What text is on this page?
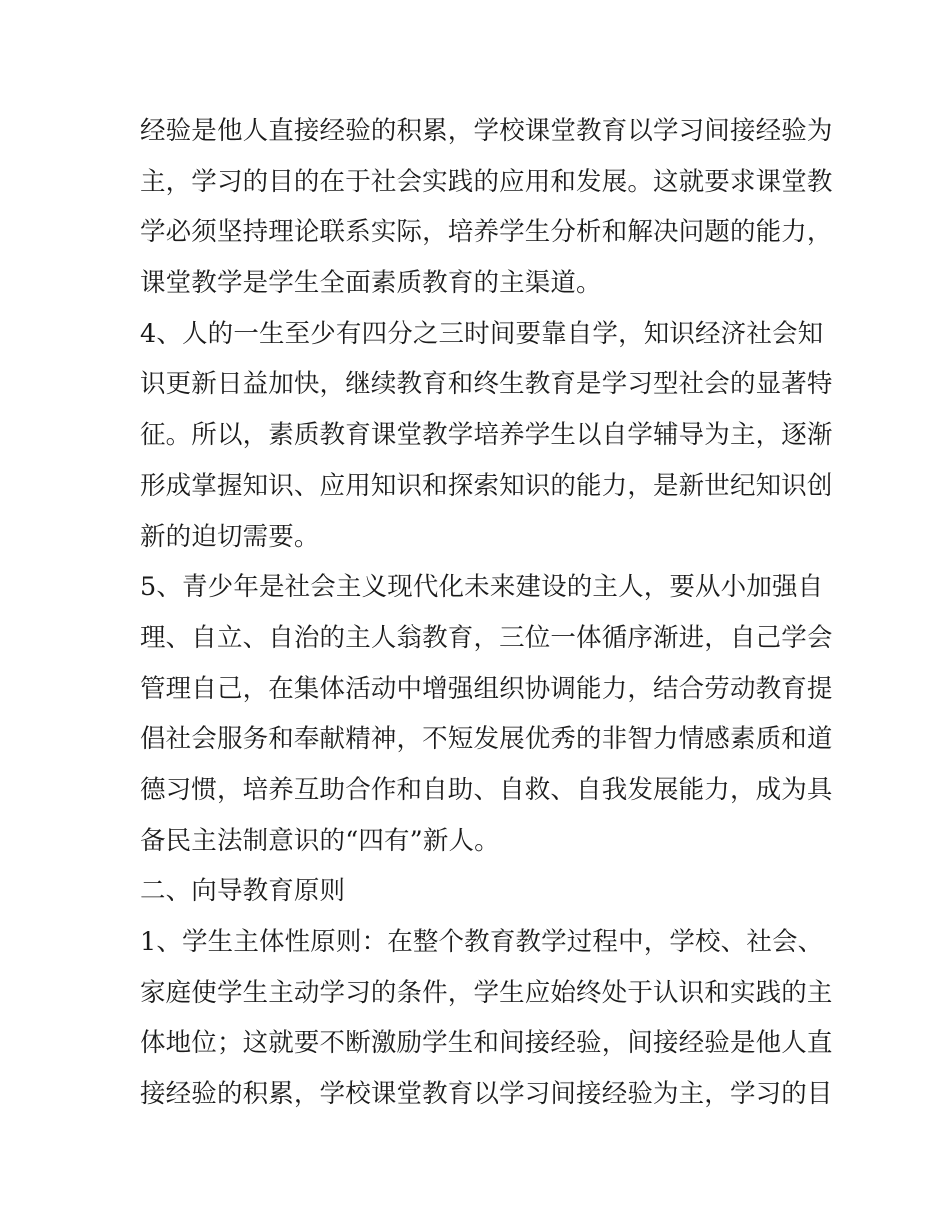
经验是他人直接经验的积累，学校课堂教育以学习间接经验为
主，学习的目的在于社会实践的应用和发展。这就要求课堂教
学必须坚持理论联系实际，培养学生分析和解决问题的能力，
课堂教学是学生全面素质教育的主渠道。
4、人的一生至少有四分之三时间要靠自学，知识经济社会知
识更新日益加快，继续教育和终生教育是学习型社会的显著特
征。所以，素质教育课堂教学培养学生以自学辅导为主，逐渐
形成掌握知识、应用知识和探索知识的能力，是新世纪知识创
新的迫切需要。
5、青少年是社会主义现代化未来建设的主人，要从小加强自
理、自立、自治的主人翁教育，三位一体循序渐进，自己学会
管理自己，在集体活动中增强组织协调能力，结合劳动教育提
倡社会服务和奉献精神，不短发展优秀的非智力情感素质和道
德习惯，培养互助合作和自助、自救、自我发展能力，成为具
备民主法制意识的“四有”新人。
二、向导教育原则
1、学生主体性原则：在整个教育教学过程中，学校、社会、
家庭使学生主动学习的条件，学生应始终处于认识和实践的主
体地位；这就要不断激励学生和间接经验，间接经验是他人直
接经验的积累，学校课堂教育以学习间接经验为主，学习的目
